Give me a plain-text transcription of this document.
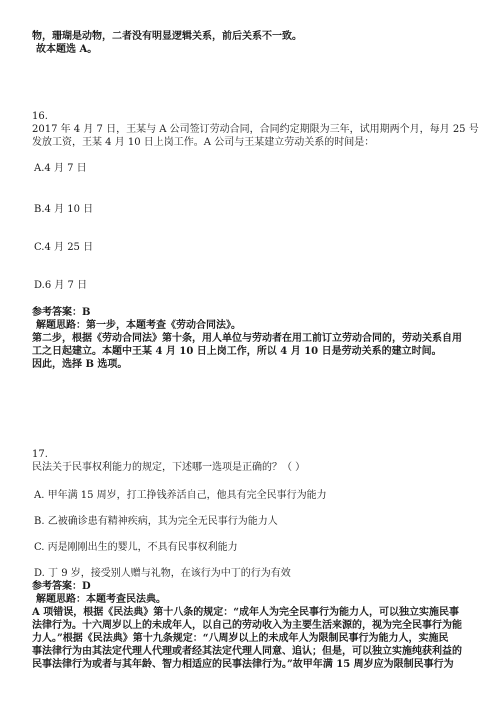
物，珊瑚是动物，二者没有明显逻辑关系，前后关系不一致。
故本题选 A。
16.
2017 年 4 月 7 日，王某与 A 公司签订劳动合同，合同约定期限为三年，试用期两个月，每月 25 号
发放工资，王某 4 月 10 日上岗工作。A 公司与王某建立劳动关系的时间是：
A.4 月 7 日
B.4 月 10 日
C.4 月 25 日
D.6 月 7 日
参考答案：B
解题思路：第一步，本题考查《劳动合同法》。
第二步，根据《劳动合同法》第十条，用人单位与劳动者在用工前订立劳动合同的，劳动关系自用
工之日起建立。本题中王某 4 月 10 日上岗工作，所以 4 月 10 日是劳动关系的建立时间。
因此，选择 B 选项。
17.
民法关于民事权利能力的规定，下述哪一选项是正确的？（ ）
A. 甲年满 15 周岁，打工挣钱养活自己，他具有完全民事行为能力
B. 乙被确诊患有精神疾病，其为完全无民事行为能力人
C. 丙是刚刚出生的婴儿，不具有民事权利能力
D. 丁 9 岁，接受别人赠与礼物，在该行为中丁的行为有效
参考答案：D
解题思路：本题考查民法典。
A 项错误，根据《民法典》第十八条的规定：“成年人为完全民事行为能力人，可以独立实施民事
法律行为。十六周岁以上的未成年人，以自己的劳动收入为主要生活来源的，视为完全民事行为能
力人。”根据《民法典》第十九条规定：“八周岁以上的未成年人为限制民事行为能力人，实施民
事法律行为由其法定代理人代理或者经其法定代理人同意、追认；但是，可以独立实施纯获利益的
民事法律行为或者与其年龄、智力相适应的民事法律行为。”故甲年满 15 周岁应为限制民事行为
